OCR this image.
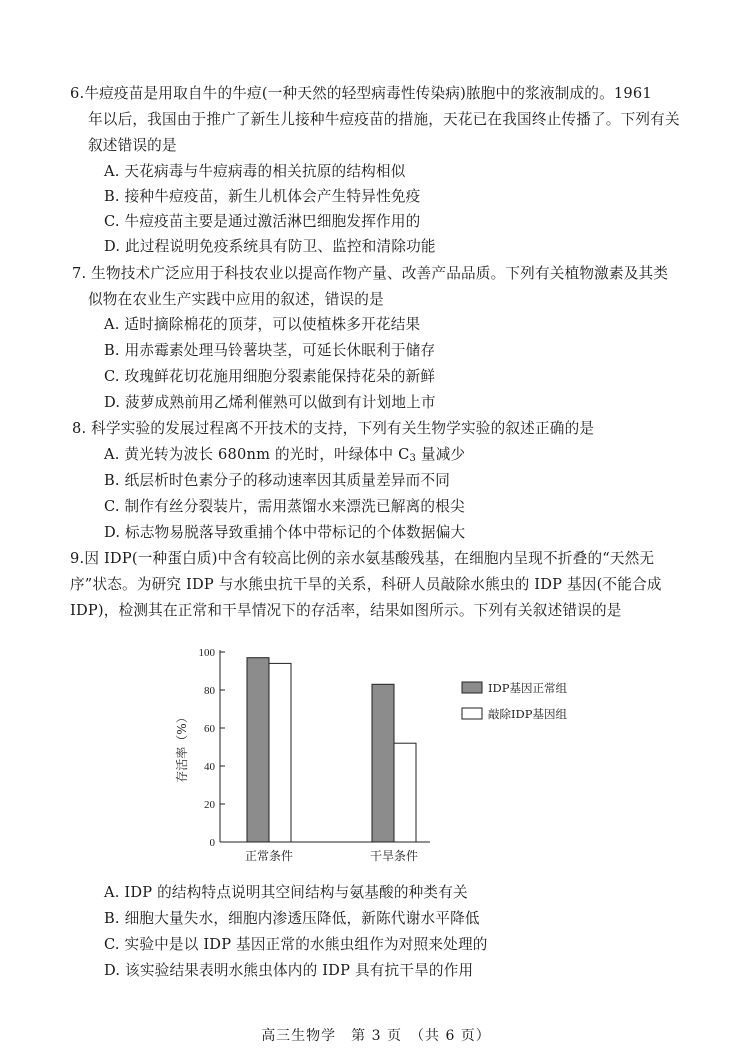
6.牛痘疫苗是用取自牛的牛痘(一种天然的轻型病毒性传染病)脓胞中的浆液制成的。1961
年以后，我国由于推广了新生儿接种牛痘疫苗的措施，天花已在我国终止传播了。下列有关
叙述错误的是
A. 天花病毒与牛痘病毒的相关抗原的结构相似
B. 接种牛痘疫苗，新生儿机体会产生特异性免疫
C. 牛痘疫苗主要是通过激活淋巴细胞发挥作用的
D. 此过程说明免疫系统具有防卫、监控和清除功能
7. 生物技术广泛应用于科技农业以提高作物产量、改善产品品质。下列有关植物激素及其类
似物在农业生产实践中应用的叙述，错误的是
A. 适时摘除棉花的顶芽，可以使植株多开花结果
B. 用赤霉素处理马铃薯块茎，可延长休眠利于储存
C. 玫瑰鲜花切花施用细胞分裂素能保持花朵的新鲜
D. 菠萝成熟前用乙烯利催熟可以做到有计划地上市
8. 科学实验的发展过程离不开技术的支持，下列有关生物学实验的叙述正确的是
A. 黄光转为波长 680nm 的光时，叶绿体中 $C_3$ 量减少
B. 纸层析时色素分子的移动速率因其质量差异而不同
C. 制作有丝分裂装片，需用蒸馏水来漂洗已解离的根尖
D. 标志物易脱落导致重捕个体中带标记的个体数据偏大
9.因 IDP(一种蛋白质)中含有较高比例的亲水氨基酸残基，在细胞内呈现不折叠的“天然无
序”状态。为研究 IDP 与水熊虫抗干旱的关系，科研人员敲除水熊虫的 IDP 基因(不能合成
IDP)，检测其在正常和干旱情况下的存活率，结果如图所示。下列有关叙述错误的是
0
20
40
60
80
100
存活率（%）
正常条件	干旱条件
IDP基因正常组
敲除IDP基因组
A. IDP 的结构特点说明其空间结构与氨基酸的种类有关
B. 细胞大量失水，细胞内渗透压降低，新陈代谢水平降低
C. 实验中是以 IDP 基因正常的水熊虫组作为对照来处理的
D. 该实验结果表明水熊虫体内的 IDP 具有抗干旱的作用
高三生物学　第 3 页　（共 6 页）
